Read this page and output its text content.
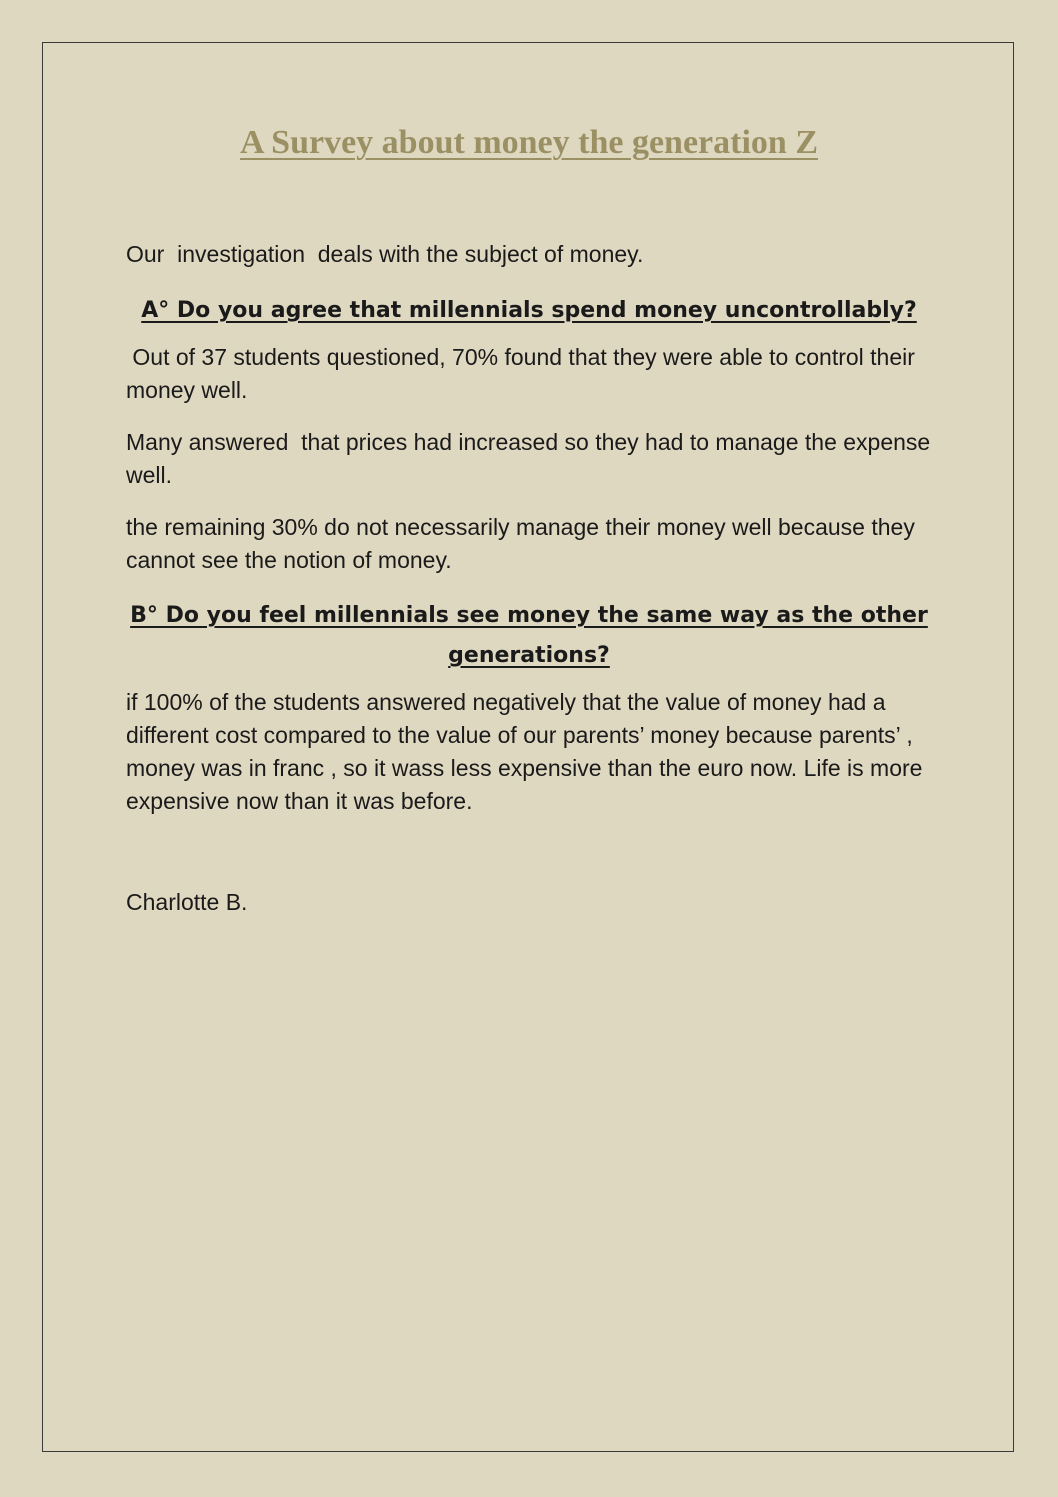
A Survey about money the generation Z

Our  investigation  deals with the subject of money.

A° Do you agree that millennials spend money uncontrollably?

Out of 37 students questioned, 70% found that they were able to control their money well.

Many answered  that prices had increased so they had to manage the expense well.

the remaining 30% do not necessarily manage their money well because they cannot see the notion of money.

B° Do you feel millennials see money the same way as the other generations?

if 100% of the students answered negatively that the value of money had a different cost compared to the value of our parents’ money because parents’ , money was in franc , so it wass less expensive than the euro now. Life is more expensive now than it was before.

Charlotte B.
